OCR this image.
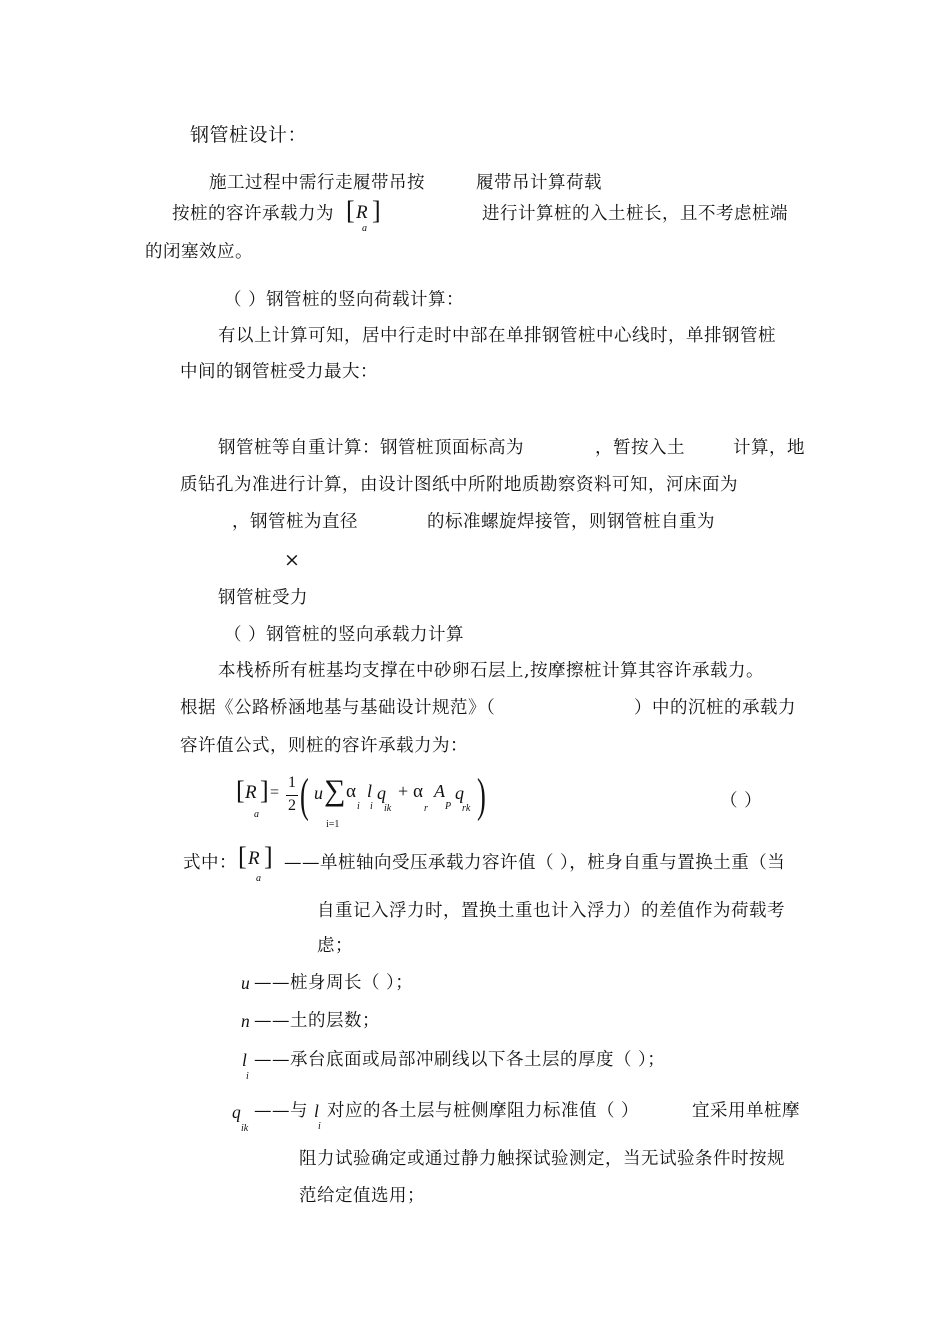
钢管桩设计：
施工过程中需行走履带吊按	履带吊计算荷载
按桩的容许承载力为 [ R ]
a
进行计算桩的入土桩长，且不考虑桩端
的闭塞效应。
（ ）钢管桩的竖向荷载计算：
有以上计算可知，居中行走时中部在单排钢管桩中心线时，单排钢管桩
中间的钢管桩受力最大：
钢管桩等自重计算：钢管桩顶面标高为	，暂按入土	计算，地
质钻孔为准进行计算，由设计图纸中所附地质勘察资料可知，河床面为
，钢管桩为直径	的标准螺旋焊接管，则钢管桩自重为
×
钢管桩受力
（ ）钢管桩的竖向承载力计算
本栈桥所有桩基均支撑在中砂卵石层上,按摩擦桩计算其容许承载力。
根据《公路桥涵地基与基础设计规范》（	）中的沉桩的承载力
容许值公式，则桩的容许承载力为：
[ R ]
a
=
1
2 ( u ∑
i=1
α
i
l
i
q
ik
+ α
r
A
P
q
rk )	（ ）
式中： [ R ]
a
——单桩轴向受压承载力容许值（ ），桩身自重与置换土重（当
自重记入浮力时，置换土重也计入浮力）的差值作为荷载考
虑；
u ——桩身周长（ ）；
n ——土的层数；
l
i
——承台底面或局部冲刷线以下各土层的厚度（ ）；
q
ik
——与 l
i
对应的各土层与桩侧摩阻力标准值（ ）	宜采用单桩摩
阻力试验确定或通过静力触探试验测定，当无试验条件时按规
范给定值选用；
